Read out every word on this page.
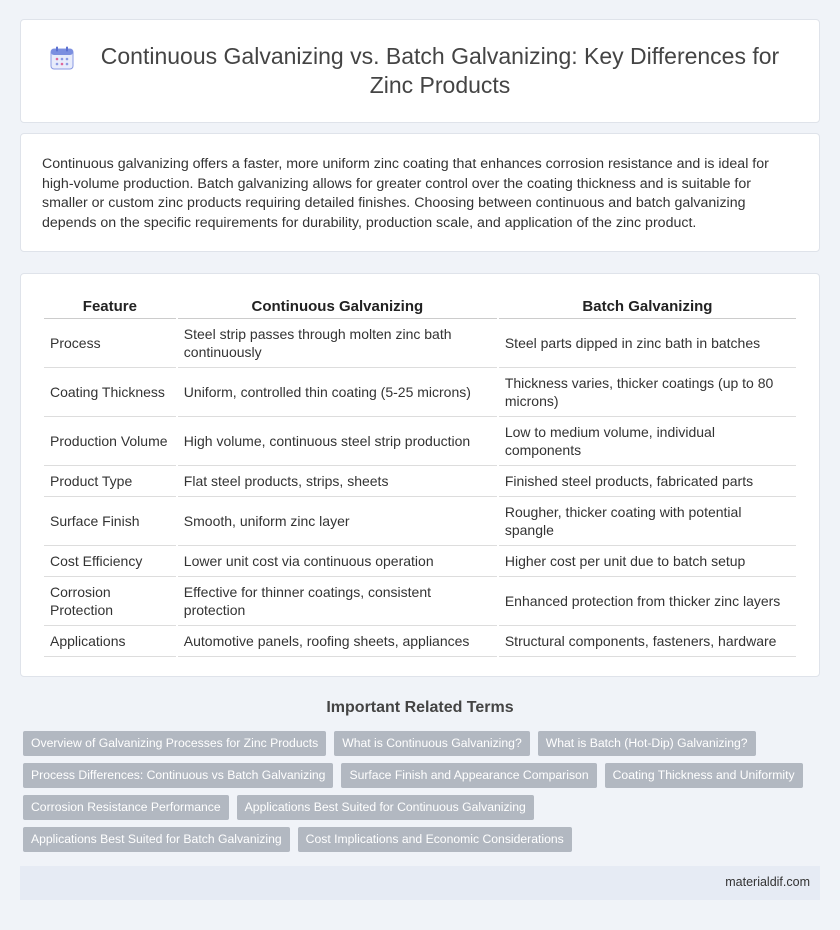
Continuous Galvanizing vs. Batch Galvanizing: Key Differences for Zinc Products

Continuous galvanizing offers a faster, more uniform zinc coating that enhances corrosion resistance and is ideal for high-volume production. Batch galvanizing allows for greater control over the coating thickness and is suitable for smaller or custom zinc products requiring detailed finishes. Choosing between continuous and batch galvanizing depends on the specific requirements for durability, production scale, and application of the zinc product.

Feature	Continuous Galvanizing	Batch Galvanizing
Process	Steel strip passes through molten zinc bath continuously	Steel parts dipped in zinc bath in batches
Coating Thickness	Uniform, controlled thin coating (5-25 microns)	Thickness varies, thicker coatings (up to 80 microns)
Production Volume	High volume, continuous steel strip production	Low to medium volume, individual components
Product Type	Flat steel products, strips, sheets	Finished steel products, fabricated parts
Surface Finish	Smooth, uniform zinc layer	Rougher, thicker coating with potential spangle
Cost Efficiency	Lower unit cost via continuous operation	Higher cost per unit due to batch setup
Corrosion Protection	Effective for thinner coatings, consistent protection	Enhanced protection from thicker zinc layers
Applications	Automotive panels, roofing sheets, appliances	Structural components, fasteners, hardware
Important Related Terms
Overview of Galvanizing Processes for Zinc Products	What is Continuous Galvanizing?	What is Batch (Hot-Dip) Galvanizing?
Process Differences: Continuous vs Batch Galvanizing	Surface Finish and Appearance Comparison	Coating Thickness and Uniformity
Corrosion Resistance Performance	Applications Best Suited for Continuous Galvanizing
Applications Best Suited for Batch Galvanizing	Cost Implications and Economic Considerations
materialdif.com
